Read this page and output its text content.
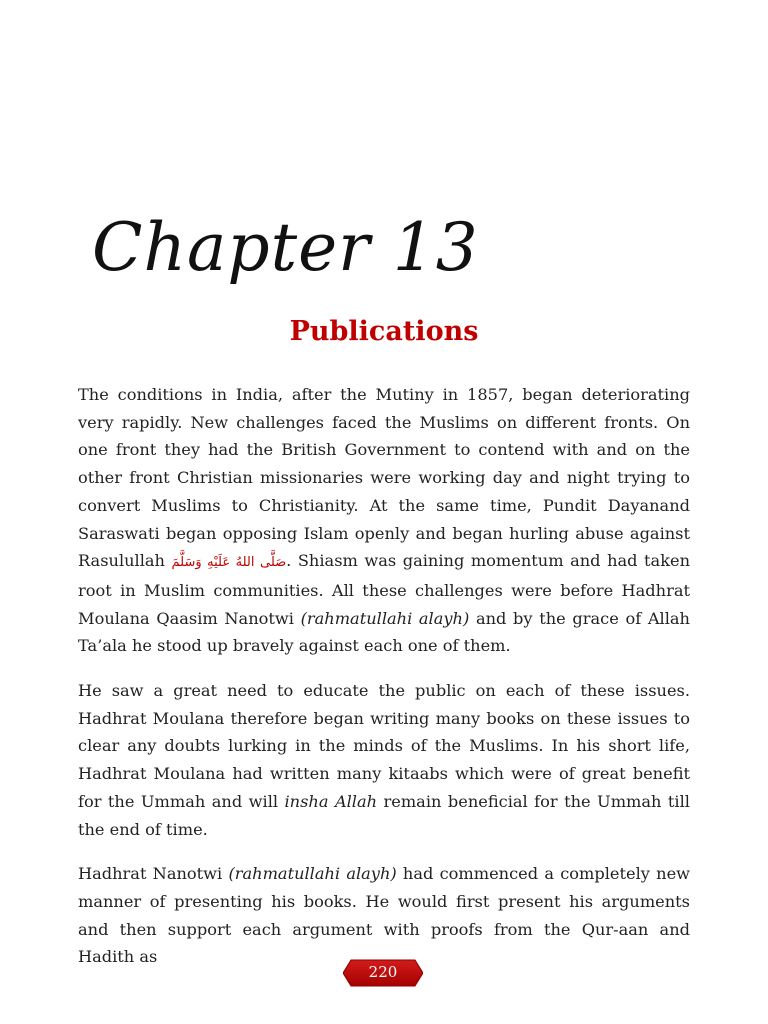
Chapter 13
Publications

The conditions in India, after the Mutiny in 1857, began deteriorating very rapidly. New challenges faced the Muslims on different fronts. On one front they had the British Government to contend with and on the other front Christian missionaries were working day and night trying to convert Muslims to Christianity. At the same time, Pundit Dayanand Saraswati began opposing Islam openly and began hurling abuse against Rasulullah صَلَّى اللهُ عَلَيْهِ وَسَلَّمَ. Shiasm was gaining momentum and had taken root in Muslim communities. All these challenges were before Hadhrat Moulana Qaasim Nanotwi (rahmatullahi alayh) and by the grace of Allah Ta’ala he stood up bravely against each one of them.

He saw a great need to educate the public on each of these issues. Hadhrat Moulana therefore began writing many books on these issues to clear any doubts lurking in the minds of the Muslims. In his short life, Hadhrat Moulana had written many kitaabs which were of great benefit for the Ummah and will insha Allah remain beneficial for the Ummah till the end of time.

Hadhrat Nanotwi (rahmatullahi alayh) had commenced a completely new manner of presenting his books. He would first present his arguments and then support each argument with proofs from the Qur-aan and Hadith as

220
